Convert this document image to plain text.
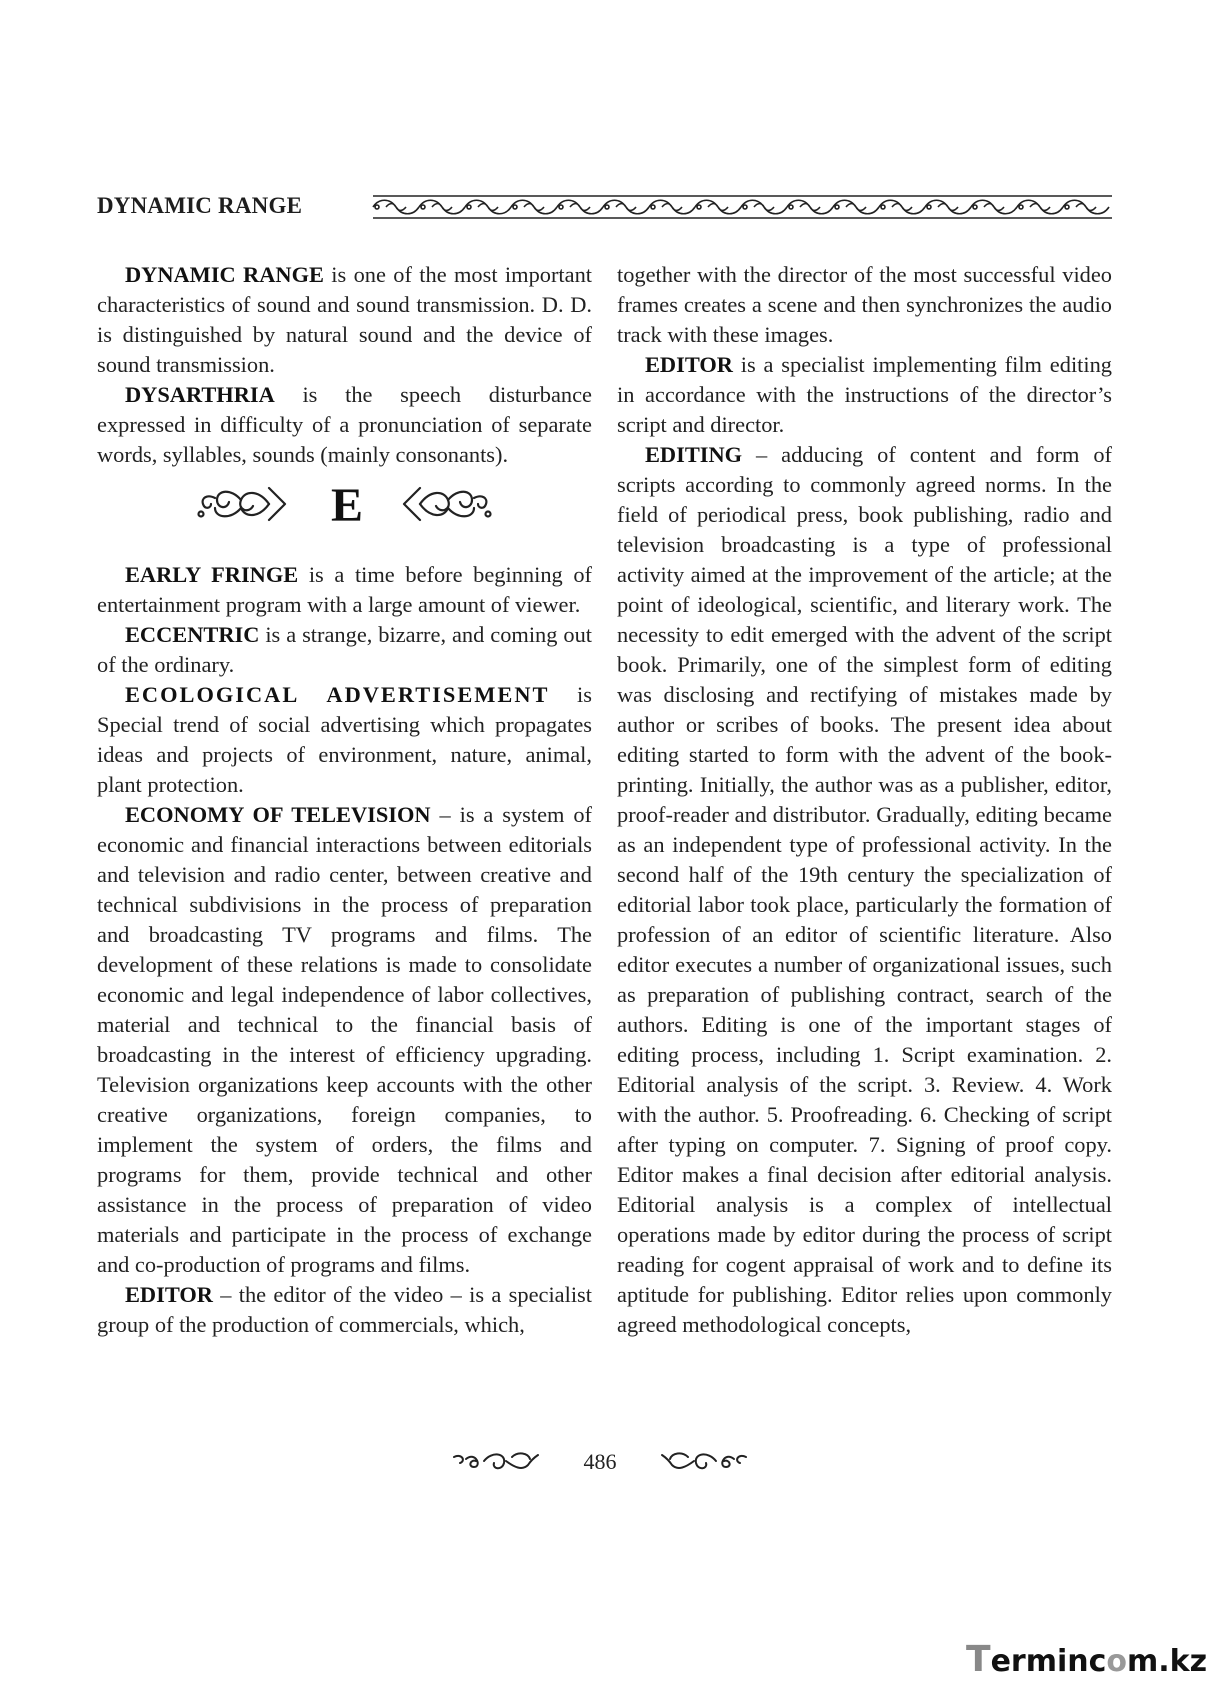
DYNAMIC RANGE

DYNAMIC RANGE is one of the most important characteristics of sound and sound transmission. D. D. is distinguished by natural sound and the device of sound transmission.

DYSARTHRIA is the speech disturbance expressed in difficulty of a pronunciation of separate words, syllables, sounds (mainly consonants).

E

EARLY FRINGE is a time before beginning of entertainment program with a large amount of viewer.

ECCENTRIC is a strange, bizarre, and coming out of the ordinary.

ECOLOGICAL ADVERTISEMENT is Special trend of social advertising which propagates ideas and projects of environment, nature, animal, plant protection.

ECONOMY OF TELEVISION – is a system of economic and financial interactions between editorials and television and radio center, between creative and technical subdivisions in the process of preparation and broadcasting TV programs and films. The development of these relations is made to consolidate economic and legal independence of labor collectives, material and technical to the financial basis of broadcasting in the interest of efficiency upgrading. Television organizations keep accounts with the other creative organizations, foreign companies, to implement the system of orders, the films and programs for them, provide technical and other assistance in the process of preparation of video materials and participate in the process of exchange and co-production of programs and films.

EDITOR – the editor of the video – is a specialist group of the production of commercials, which,

together with the director of the most successful video frames creates a scene and then synchronizes the audio track with these images.

EDITOR is a specialist implementing film editing in accordance with the instructions of the director’s script and director.

EDITING – adducing of content and form of scripts according to commonly agreed norms. In the field of periodical press, book publishing, radio and television broadcasting is a type of professional activity aimed at the improvement of the article; at the point of ideological, scientific, and literary work. The necessity to edit emerged with the advent of the script book. Primarily, one of the simplest form of editing was disclosing and rectifying of mistakes made by author or scribes of books. The present idea about editing started to form with the advent of the book-printing. Initially, the author was as a publisher, editor, proof-reader and distributor. Gradually, editing became as an independent type of professional activity. In the second half of the 19th century the specialization of editorial labor took place, particularly the formation of profession of an editor of scientific literature. Also editor executes a number of organizational issues, such as preparation of publishing contract, search of the authors. Editing is one of the important stages of editing process, including 1. Script examination. 2. Editorial analysis of the script. 3. Review. 4. Work with the author. 5. Proofreading. 6. Checking of script after typing on computer. 7. Signing of proof copy. Editor makes a final decision after editorial analysis. Editorial analysis is a complex of intellectual operations made by editor during the process of script reading for cogent appraisal of work and to define its aptitude for publishing. Editor relies upon commonly agreed methodological concepts,

486
Termincom.kz
